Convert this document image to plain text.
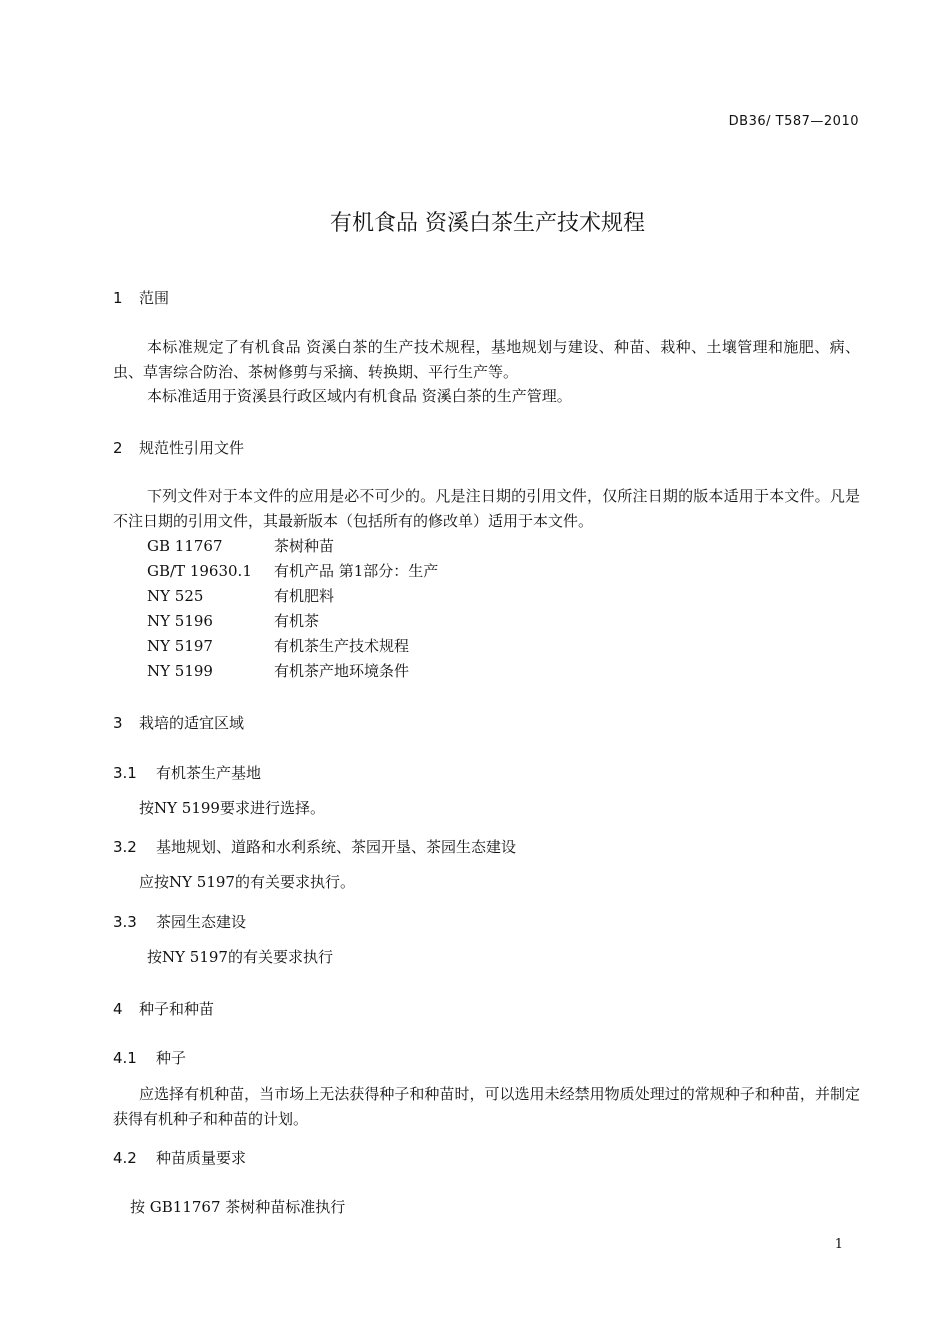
DB36/ T587—2010
有机食品 资溪白茶生产技术规程
1 范围
本标准规定了有机食品 资溪白茶的生产技术规程，基地规划与建设、种苗、栽种、土壤管理和施肥、病、虫、草害综合防治、茶树修剪与采摘、转换期、平行生产等。
本标准适用于资溪县行政区域内有机食品 资溪白茶的生产管理。
2 规范性引用文件
下列文件对于本文件的应用是必不可少的。凡是注日期的引用文件，仅所注日期的版本适用于本文件。凡是不注日期的引用文件，其最新版本（包括所有的修改单）适用于本文件。
GB 11767	茶树种苗
GB/T 19630.1 有机产品 第1部分：生产
NY 525	有机肥料
NY 5196	有机茶
NY 5197	有机茶生产技术规程
NY 5199	有机茶产地环境条件
3 栽培的适宜区域
3.1 有机茶生产基地
按NY 5199要求进行选择。
3.2 基地规划、道路和水利系统、茶园开垦、茶园生态建设
应按NY 5197的有关要求执行。
3.3 茶园生态建设
按NY 5197的有关要求执行
4 种子和种苗
4.1 种子
应选择有机种苗，当市场上无法获得种子和种苗时，可以选用未经禁用物质处理过的常规种子和种苗，并制定获得有机种子和种苗的计划。
4.2 种苗质量要求
按 GB11767 茶树种苗标准执行
1
